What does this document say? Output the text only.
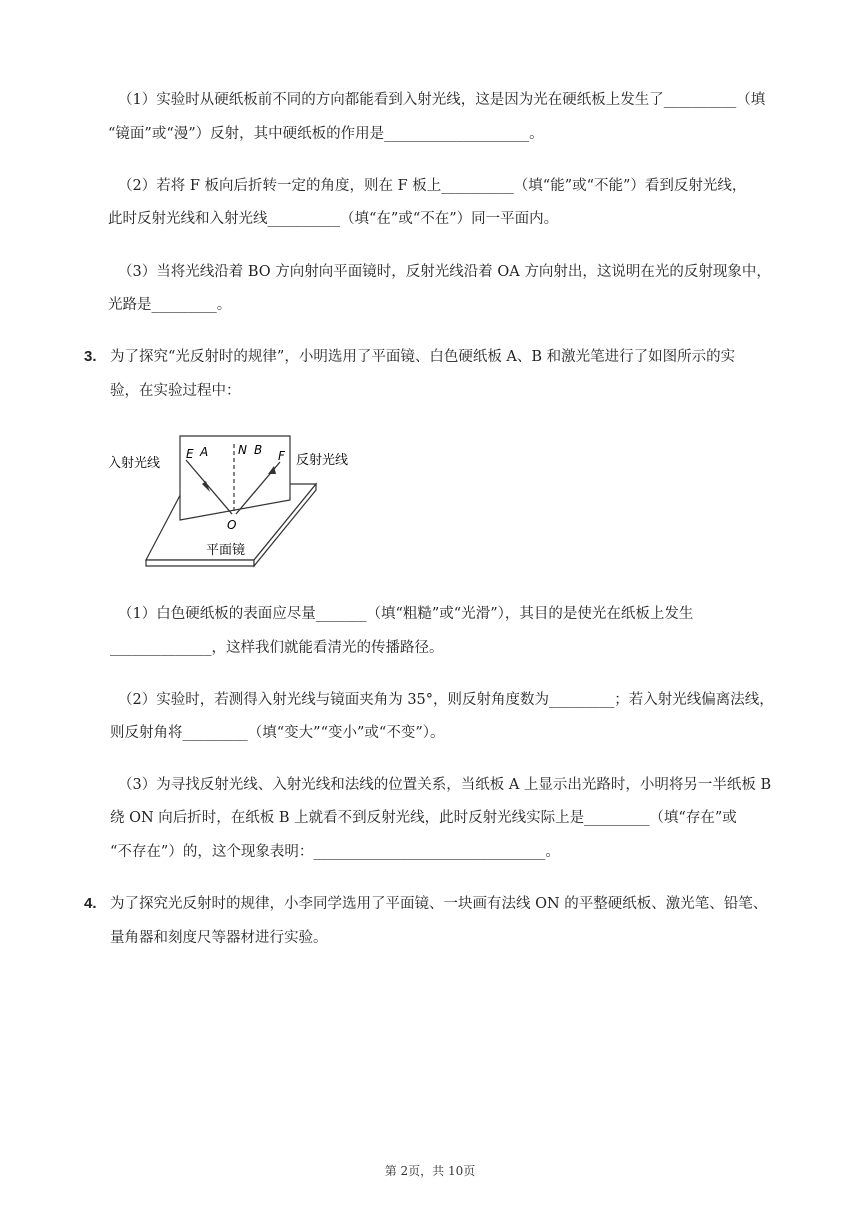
（1）实验时从硬纸板前不同的方向都能看到入射光线，这是因为光在硬纸板上发生了__________（填
“镜面”或“漫”）反射，其中硬纸板的作用是____________________。
（2）若将 F 板向后折转一定的角度，则在 F 板上__________（填“能”或“不能”）看到反射光线，
此时反射光线和入射光线__________（填“在”或“不在”）同一平面内。
（3）当将光线沿着 BO 方向射向平面镜时，反射光线沿着 OA 方向射出，这说明在光的反射现象中，
光路是_________。
3. 为了探究“光反射时的规律”，小明选用了平面镜、白色硬纸板 A、B 和激光笔进行了如图所示的实
验，在实验过程中：
入射光线	反射光线
平面镜
E A N B F
O
（1）白色硬纸板的表面应尽量_______（填“粗糙”或“光滑”），其目的是使光在纸板上发生
______________，这样我们就能看清光的传播路径。
（2）实验时，若测得入射光线与镜面夹角为 35°，则反射角度数为_________；若入射光线偏离法线，
则反射角将_________（填“变大”“变小”或“不变”）。
（3）为寻找反射光线、入射光线和法线的位置关系，当纸板 A 上显示出光路时，小明将另一半纸板 B
绕 ON 向后折时，在纸板 B 上就看不到反射光线，此时反射光线实际上是_________（填“存在”或
“不存在”）的，这个现象表明：________________________________。
4. 为了探究光反射时的规律，小李同学选用了平面镜、一块画有法线 ON 的平整硬纸板、激光笔、铅笔、
量角器和刻度尺等器材进行实验。
第 2页，共 10页
